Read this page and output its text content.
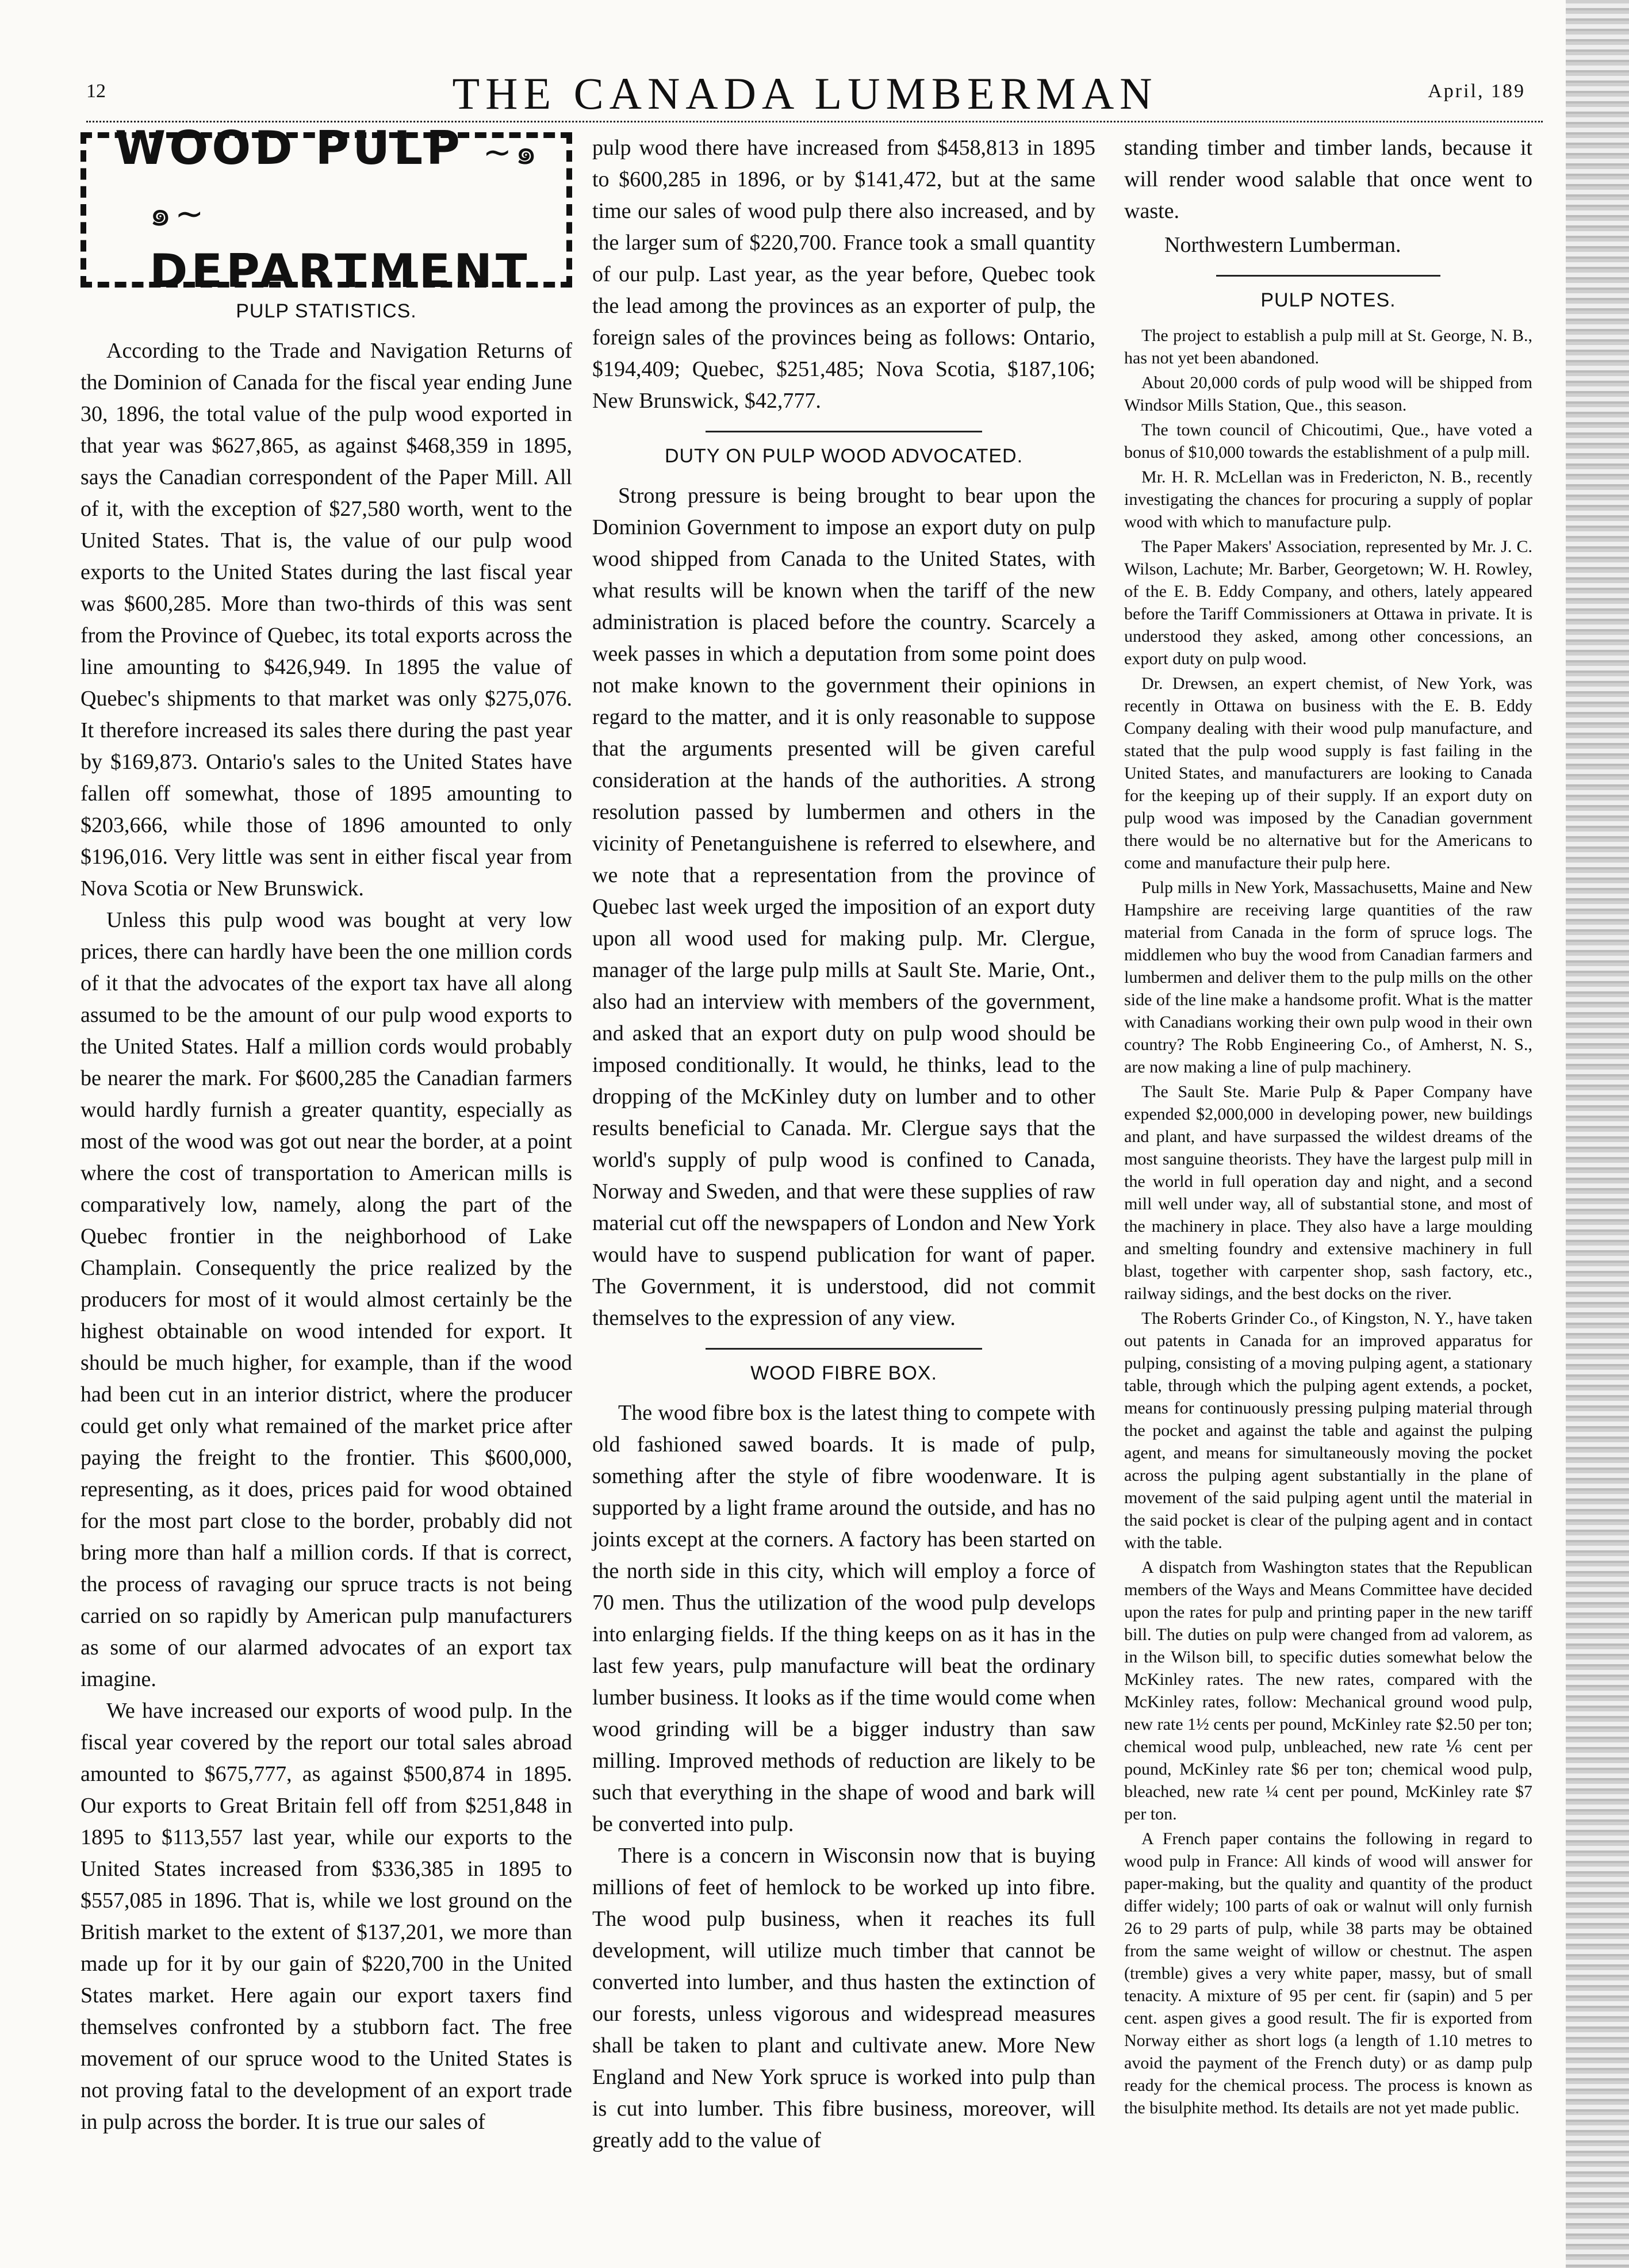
12	THE CANADA LUMBERMAN	April, 189
WOOD PULP ~๑
๑~ DEPARTMENT
PULP STATISTICS.

According to the Trade and Navigation Returns of the Dominion of Canada for the fiscal year ending June 30, 1896, the total value of the pulp wood exported in that year was $627,865, as against $468,359 in 1895, says the Canadian correspondent of the Paper Mill. All of it, with the exception of $27,580 worth, went to the United States. That is, the value of our pulp wood exports to the United States during the last fiscal year was $600,285. More than two-thirds of this was sent from the Province of Quebec, its total exports across the line amounting to $426,949. In 1895 the value of Quebec's shipments to that market was only $275,076. It therefore increased its sales there during the past year by $169,873. Ontario's sales to the United States have fallen off somewhat, those of 1895 amounting to $203,666, while those of 1896 amounted to only $196,016. Very little was sent in either fiscal year from Nova Scotia or New Brunswick.

Unless this pulp wood was bought at very low prices, there can hardly have been the one million cords of it that the advocates of the export tax have all along assumed to be the amount of our pulp wood exports to the United States. Half a million cords would probably be nearer the mark. For $600,285 the Canadian farmers would hardly furnish a greater quantity, especially as most of the wood was got out near the border, at a point where the cost of transportation to American mills is comparatively low, namely, along the part of the Quebec frontier in the neighborhood of Lake Champlain. Consequently the price realized by the producers for most of it would almost certainly be the highest obtainable on wood intended for export. It should be much higher, for example, than if the wood had been cut in an interior district, where the producer could get only what remained of the market price after paying the freight to the frontier. This $600,000, representing, as it does, prices paid for wood obtained for the most part close to the border, probably did not bring more than half a million cords. If that is correct, the process of ravaging our spruce tracts is not being carried on so rapidly by American pulp manufacturers as some of our alarmed advocates of an export tax imagine.

We have increased our exports of wood pulp. In the fiscal year covered by the report our total sales abroad amounted to $675,777, as against $500,874 in 1895. Our exports to Great Britain fell off from $251,848 in 1895 to $113,557 last year, while our exports to the United States increased from $336,385 in 1895 to $557,085 in 1896. That is, while we lost ground on the British market to the extent of $137,201, we more than made up for it by our gain of $220,700 in the United States market. Here again our export taxers find themselves confronted by a stubborn fact. The free movement of our spruce wood to the United States is not proving fatal to the development of an export trade in pulp across the border. It is true our sales of

pulp wood there have increased from $458,813 in 1895 to $600,285 in 1896, or by $141,472, but at the same time our sales of wood pulp there also increased, and by the larger sum of $220,700. France took a small quantity of our pulp. Last year, as the year before, Quebec took the lead among the provinces as an exporter of pulp, the foreign sales of the provinces being as follows: Ontario, $194,409; Quebec, $251,485; Nova Scotia, $187,106; New Brunswick, $42,777.

DUTY ON PULP WOOD ADVOCATED.

Strong pressure is being brought to bear upon the Dominion Government to impose an export duty on pulp wood shipped from Canada to the United States, with what results will be known when the tariff of the new administration is placed before the country. Scarcely a week passes in which a deputation from some point does not make known to the government their opinions in regard to the matter, and it is only reasonable to suppose that the arguments presented will be given careful consideration at the hands of the authorities. A strong resolution passed by lumbermen and others in the vicinity of Penetanguishene is referred to elsewhere, and we note that a representation from the province of Quebec last week urged the imposition of an export duty upon all wood used for making pulp. Mr. Clergue, manager of the large pulp mills at Sault Ste. Marie, Ont., also had an interview with members of the government, and asked that an export duty on pulp wood should be imposed conditionally. It would, he thinks, lead to the dropping of the McKinley duty on lumber and to other results beneficial to Canada. Mr. Clergue says that the world's supply of pulp wood is confined to Canada, Norway and Sweden, and that were these supplies of raw material cut off the newspapers of London and New York would have to suspend publication for want of paper. The Government, it is understood, did not commit themselves to the expression of any view.

WOOD FIBRE BOX.

The wood fibre box is the latest thing to compete with old fashioned sawed boards. It is made of pulp, something after the style of fibre woodenware. It is supported by a light frame around the outside, and has no joints except at the corners. A factory has been started on the north side in this city, which will employ a force of 70 men. Thus the utilization of the wood pulp develops into enlarging fields. If the thing keeps on as it has in the last few years, pulp manufacture will beat the ordinary lumber business. It looks as if the time would come when wood grinding will be a bigger industry than saw milling. Improved methods of reduction are likely to be such that everything in the shape of wood and bark will be converted into pulp.

There is a concern in Wisconsin now that is buying millions of feet of hemlock to be worked up into fibre. The wood pulp business, when it reaches its full development, will utilize much timber that cannot be converted into lumber, and thus hasten the extinction of our forests, unless vigorous and widespread measures shall be taken to plant and cultivate anew. More New England and New York spruce is worked into pulp than is cut into lumber. This fibre business, moreover, will greatly add to the value of

standing timber and timber lands, because it will render wood salable that once went to waste.

Northwestern Lumberman.

PULP NOTES.

The project to establish a pulp mill at St. George, N. B., has not yet been abandoned.

About 20,000 cords of pulp wood will be shipped from Windsor Mills Station, Que., this season.

The town council of Chicoutimi, Que., have voted a bonus of $10,000 towards the establishment of a pulp mill.

Mr. H. R. McLellan was in Fredericton, N. B., recently investigating the chances for procuring a supply of poplar wood with which to manufacture pulp.

The Paper Makers' Association, represented by Mr. J. C. Wilson, Lachute; Mr. Barber, Georgetown; W. H. Rowley, of the E. B. Eddy Company, and others, lately appeared before the Tariff Commissioners at Ottawa in private. It is understood they asked, among other concessions, an export duty on pulp wood.

Dr. Drewsen, an expert chemist, of New York, was recently in Ottawa on business with the E. B. Eddy Company dealing with their wood pulp manufacture, and stated that the pulp wood supply is fast failing in the United States, and manufacturers are looking to Canada for the keeping up of their supply. If an export duty on pulp wood was imposed by the Canadian government there would be no alternative but for the Americans to come and manufacture their pulp here.

Pulp mills in New York, Massachusetts, Maine and New Hampshire are receiving large quantities of the raw material from Canada in the form of spruce logs. The middlemen who buy the wood from Canadian farmers and lumbermen and deliver them to the pulp mills on the other side of the line make a handsome profit. What is the matter with Canadians working their own pulp wood in their own country? The Robb Engineering Co., of Amherst, N. S., are now making a line of pulp machinery.

The Sault Ste. Marie Pulp & Paper Company have expended $2,000,000 in developing power, new buildings and plant, and have surpassed the wildest dreams of the most sanguine theorists. They have the largest pulp mill in the world in full operation day and night, and a second mill well under way, all of substantial stone, and most of the machinery in place. They also have a large moulding and smelting foundry and extensive machinery in full blast, together with carpenter shop, sash factory, etc., railway sidings, and the best docks on the river.

The Roberts Grinder Co., of Kingston, N. Y., have taken out patents in Canada for an improved apparatus for pulping, consisting of a moving pulping agent, a stationary table, through which the pulping agent extends, a pocket, means for continuously pressing pulping material through the pocket and against the table and against the pulping agent, and means for simultaneously moving the pocket across the pulping agent substantially in the plane of movement of the said pulping agent until the material in the said pocket is clear of the pulping agent and in contact with the table.

A dispatch from Washington states that the Republican members of the Ways and Means Committee have decided upon the rates for pulp and printing paper in the new tariff bill. The duties on pulp were changed from ad valorem, as in the Wilson bill, to specific duties somewhat below the McKinley rates. The new rates, compared with the McKinley rates, follow: Mechanical ground wood pulp, new rate 1½ cents per pound, McKinley rate $2.50 per ton; chemical wood pulp, unbleached, new rate ⅙ cent per pound, McKinley rate $6 per ton; chemical wood pulp, bleached, new rate ¼ cent per pound, McKinley rate $7 per ton.

A French paper contains the following in regard to wood pulp in France: All kinds of wood will answer for paper-making, but the quality and quantity of the product differ widely; 100 parts of oak or walnut will only furnish 26 to 29 parts of pulp, while 38 parts may be obtained from the same weight of willow or chestnut. The aspen (tremble) gives a very white paper, massy, but of small tenacity. A mixture of 95 per cent. fir (sapin) and 5 per cent. aspen gives a good result. The fir is exported from Norway either as short logs (a length of 1.10 metres to avoid the payment of the French duty) or as damp pulp ready for the chemical process. The process is known as the bisulphite method. Its details are not yet made public.
